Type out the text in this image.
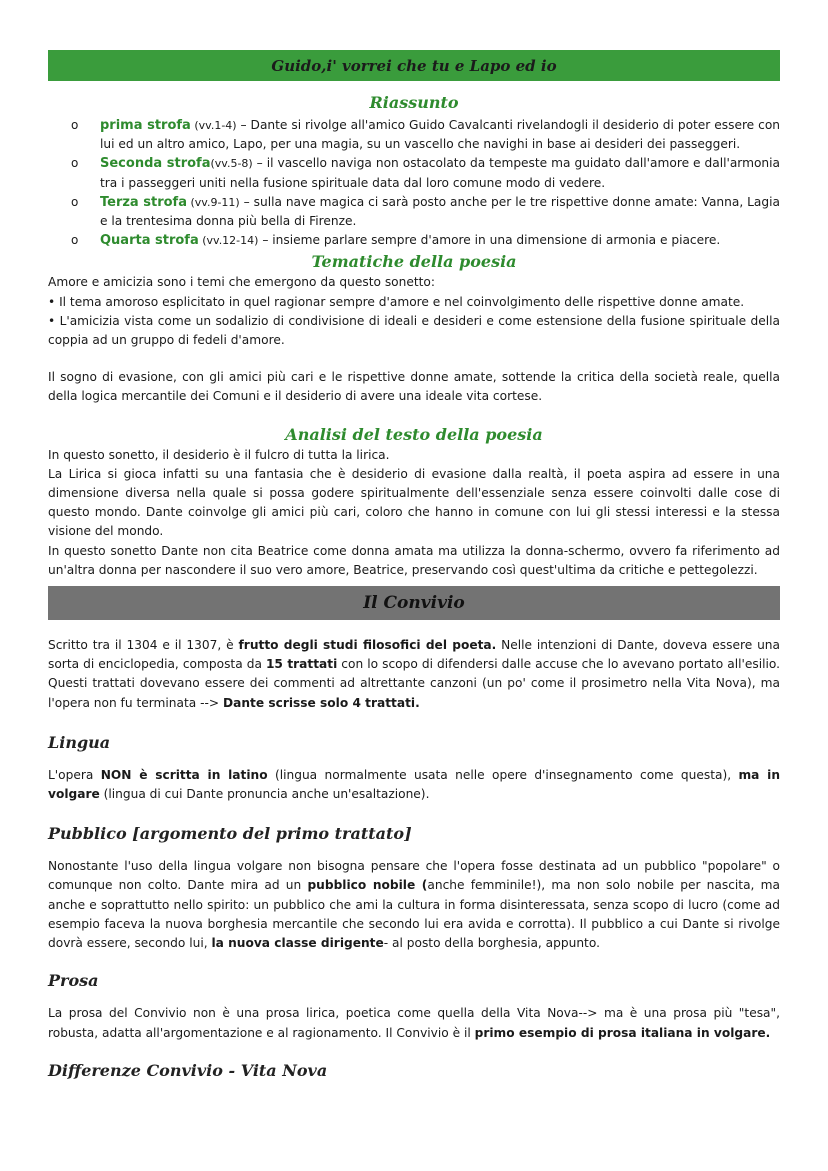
Guido,i' vorrei che tu e Lapo ed io
Riassunto
o prima strofa (vv.1-4) – Dante si rivolge all'amico Guido Cavalcanti rivelandogli il desiderio di poter essere con lui ed un altro amico, Lapo, per una magia, su un vascello che navighi in base ai desideri dei passeggeri.
o Seconda strofa(vv.5-8) – il vascello naviga non ostacolato da tempeste ma guidato dall'amore e dall'armonia tra i passeggeri uniti nella fusione spirituale data dal loro comune modo di vedere.
o Terza strofa (vv.9-11) – sulla nave magica ci sarà posto anche per le tre rispettive donne amate: Vanna, Lagia e la trentesima donna più bella di Firenze.
o Quarta strofa (vv.12-14) – insieme parlare sempre d'amore in una dimensione di armonia e piacere.
Tematiche della poesia

Amore e amicizia sono i temi che emergono da questo sonetto:

• Il tema amoroso esplicitato in quel ragionar sempre d'amore e nel coinvolgimento delle rispettive donne amate.

• L'amicizia vista come un sodalizio di condivisione di ideali e desideri e come estensione della fusione spirituale della coppia ad un gruppo di fedeli d'amore.

Il sogno di evasione, con gli amici più cari e le rispettive donne amate, sottende la critica della società reale, quella della logica mercantile dei Comuni e il desiderio di avere una ideale vita cortese.

Analisi del testo della poesia

In questo sonetto, il desiderio è il fulcro di tutta la lirica.

La Lirica si gioca infatti su una fantasia che è desiderio di evasione dalla realtà, il poeta aspira ad essere in una dimensione diversa nella quale si possa godere spiritualmente dell'essenziale senza essere coinvolti dalle cose di questo mondo. Dante coinvolge gli amici più cari, coloro che hanno in comune con lui gli stessi interessi e la stessa visione del mondo.

In questo sonetto Dante non cita Beatrice come donna amata ma utilizza la donna-schermo, ovvero fa riferimento ad un'altra donna per nascondere il suo vero amore, Beatrice, preservando così quest'ultima da critiche e pettegolezzi.

Il Convivio

Scritto tra il 1304 e il 1307, è frutto degli studi filosofici del poeta. Nelle intenzioni di Dante, doveva essere una sorta di enciclopedia, composta da 15 trattati con lo scopo di difendersi dalle accuse che lo avevano portato all'esilio. Questi trattati dovevano essere dei commenti ad altrettante canzoni (un po' come il prosimetro nella Vita Nova), ma l'opera non fu terminata --> Dante scrisse solo 4 trattati.

Lingua

L'opera NON è scritta in latino (lingua normalmente usata nelle opere d'insegnamento come questa), ma in volgare (lingua di cui Dante pronuncia anche un'esaltazione).

Pubblico [argomento del primo trattato]

Nonostante l'uso della lingua volgare non bisogna pensare che l'opera fosse destinata ad un pubblico "popolare" o comunque non colto. Dante mira ad un pubblico nobile (anche femminile!), ma non solo nobile per nascita, ma anche e soprattutto nello spirito: un pubblico che ami la cultura in forma disinteressata, senza scopo di lucro (come ad esempio faceva la nuova borghesia mercantile che secondo lui era avida e corrotta). Il pubblico a cui Dante si rivolge dovrà essere, secondo lui, la nuova classe dirigente- al posto della borghesia, appunto.

Prosa

La prosa del Convivio non è una prosa lirica, poetica come quella della Vita Nova--> ma è una prosa più "tesa", robusta, adatta all'argomentazione e al ragionamento. Il Convivio è il primo esempio di prosa italiana in volgare.

Differenze Convivio - Vita Nova
